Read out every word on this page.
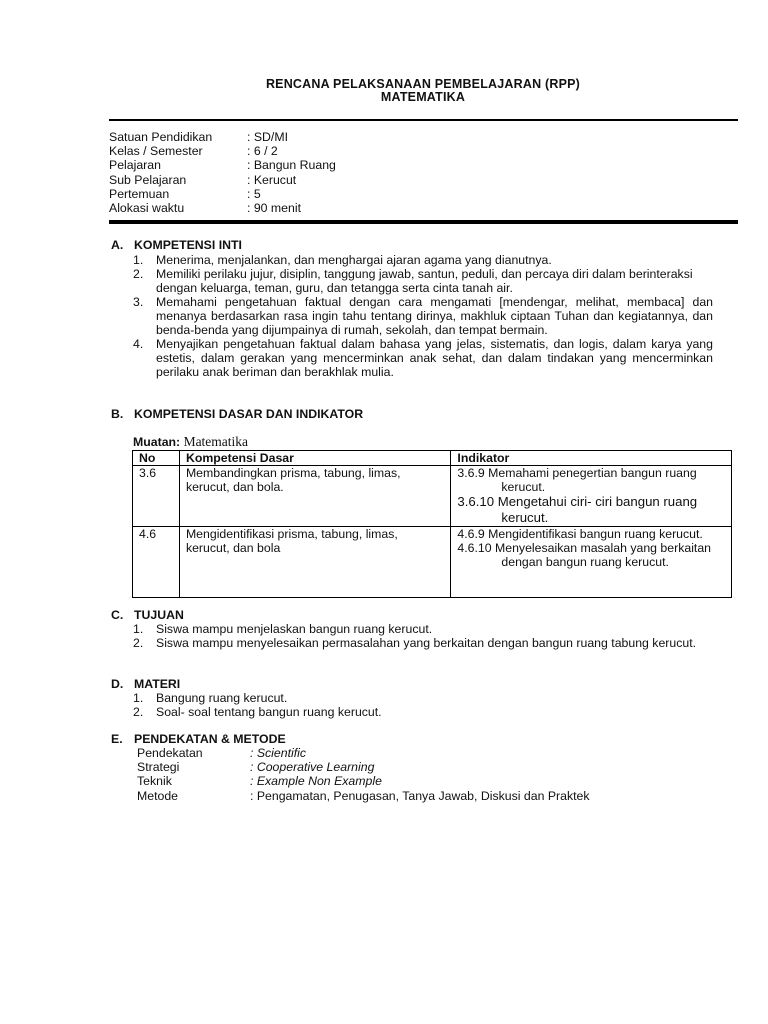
RENCANA PELAKSANAAN PEMBELAJARAN (RPP)
MATEMATIKA
Satuan Pendidikan	: SD/MI
Kelas / Semester	: 6 / 2
Pelajaran	: Bangun Ruang
Sub Pelajaran	: Kerucut
Pertemuan	: 5
Alokasi waktu	: 90 menit
A. KOMPETENSI INTI
1. Menerima, menjalankan, dan menghargai ajaran agama yang dianutnya.
2. Memiliki perilaku jujur, disiplin, tanggung jawab, santun, peduli, dan percaya diri dalam berinteraksi dengan keluarga, teman, guru, dan tetangga serta cinta tanah air.
3. Memahami pengetahuan faktual dengan cara mengamati [mendengar, melihat, membaca] dan menanya berdasarkan rasa ingin tahu tentang dirinya, makhluk ciptaan Tuhan dan kegiatannya, dan benda-benda yang dijumpainya di rumah, sekolah, dan tempat bermain.
4. Menyajikan pengetahuan faktual dalam bahasa yang jelas, sistematis, dan logis, dalam karya yang estetis, dalam gerakan yang mencerminkan anak sehat, dan dalam tindakan yang mencerminkan perilaku anak beriman dan berakhlak mulia.
B. KOMPETENSI DASAR DAN INDIKATOR
Muatan: Matematika
No	Kompetensi Dasar	Indikator
3.6	Membandingkan prisma, tabung, limas, kerucut, dan bola.	3.6.9 Memahami penegertian bangun ruang kerucut.
3.6.10 Mengetahui ciri- ciri bangun ruang kerucut.

4.6	Mengidentifikasi prisma, tabung, limas, kerucut, dan bola	4.6.9 Mengidentifikasi bangun ruang kerucut.
4.6.10 Menyelesaikan masalah yang berkaitan dengan bangun ruang kerucut.
C. TUJUAN
1. Siswa mampu menjelaskan bangun ruang kerucut.
2. Siswa mampu menyelesaikan permasalahan yang berkaitan dengan bangun ruang tabung kerucut.
D. MATERI
1. Bangung ruang kerucut.
2. Soal- soal tentang bangun ruang kerucut.
E. PENDEKATAN & METODE
Pendekatan	: Scientific
Strategi	: Cooperative Learning
Teknik	: Example Non Example
Metode	: Pengamatan, Penugasan, Tanya Jawab, Diskusi dan Praktek
